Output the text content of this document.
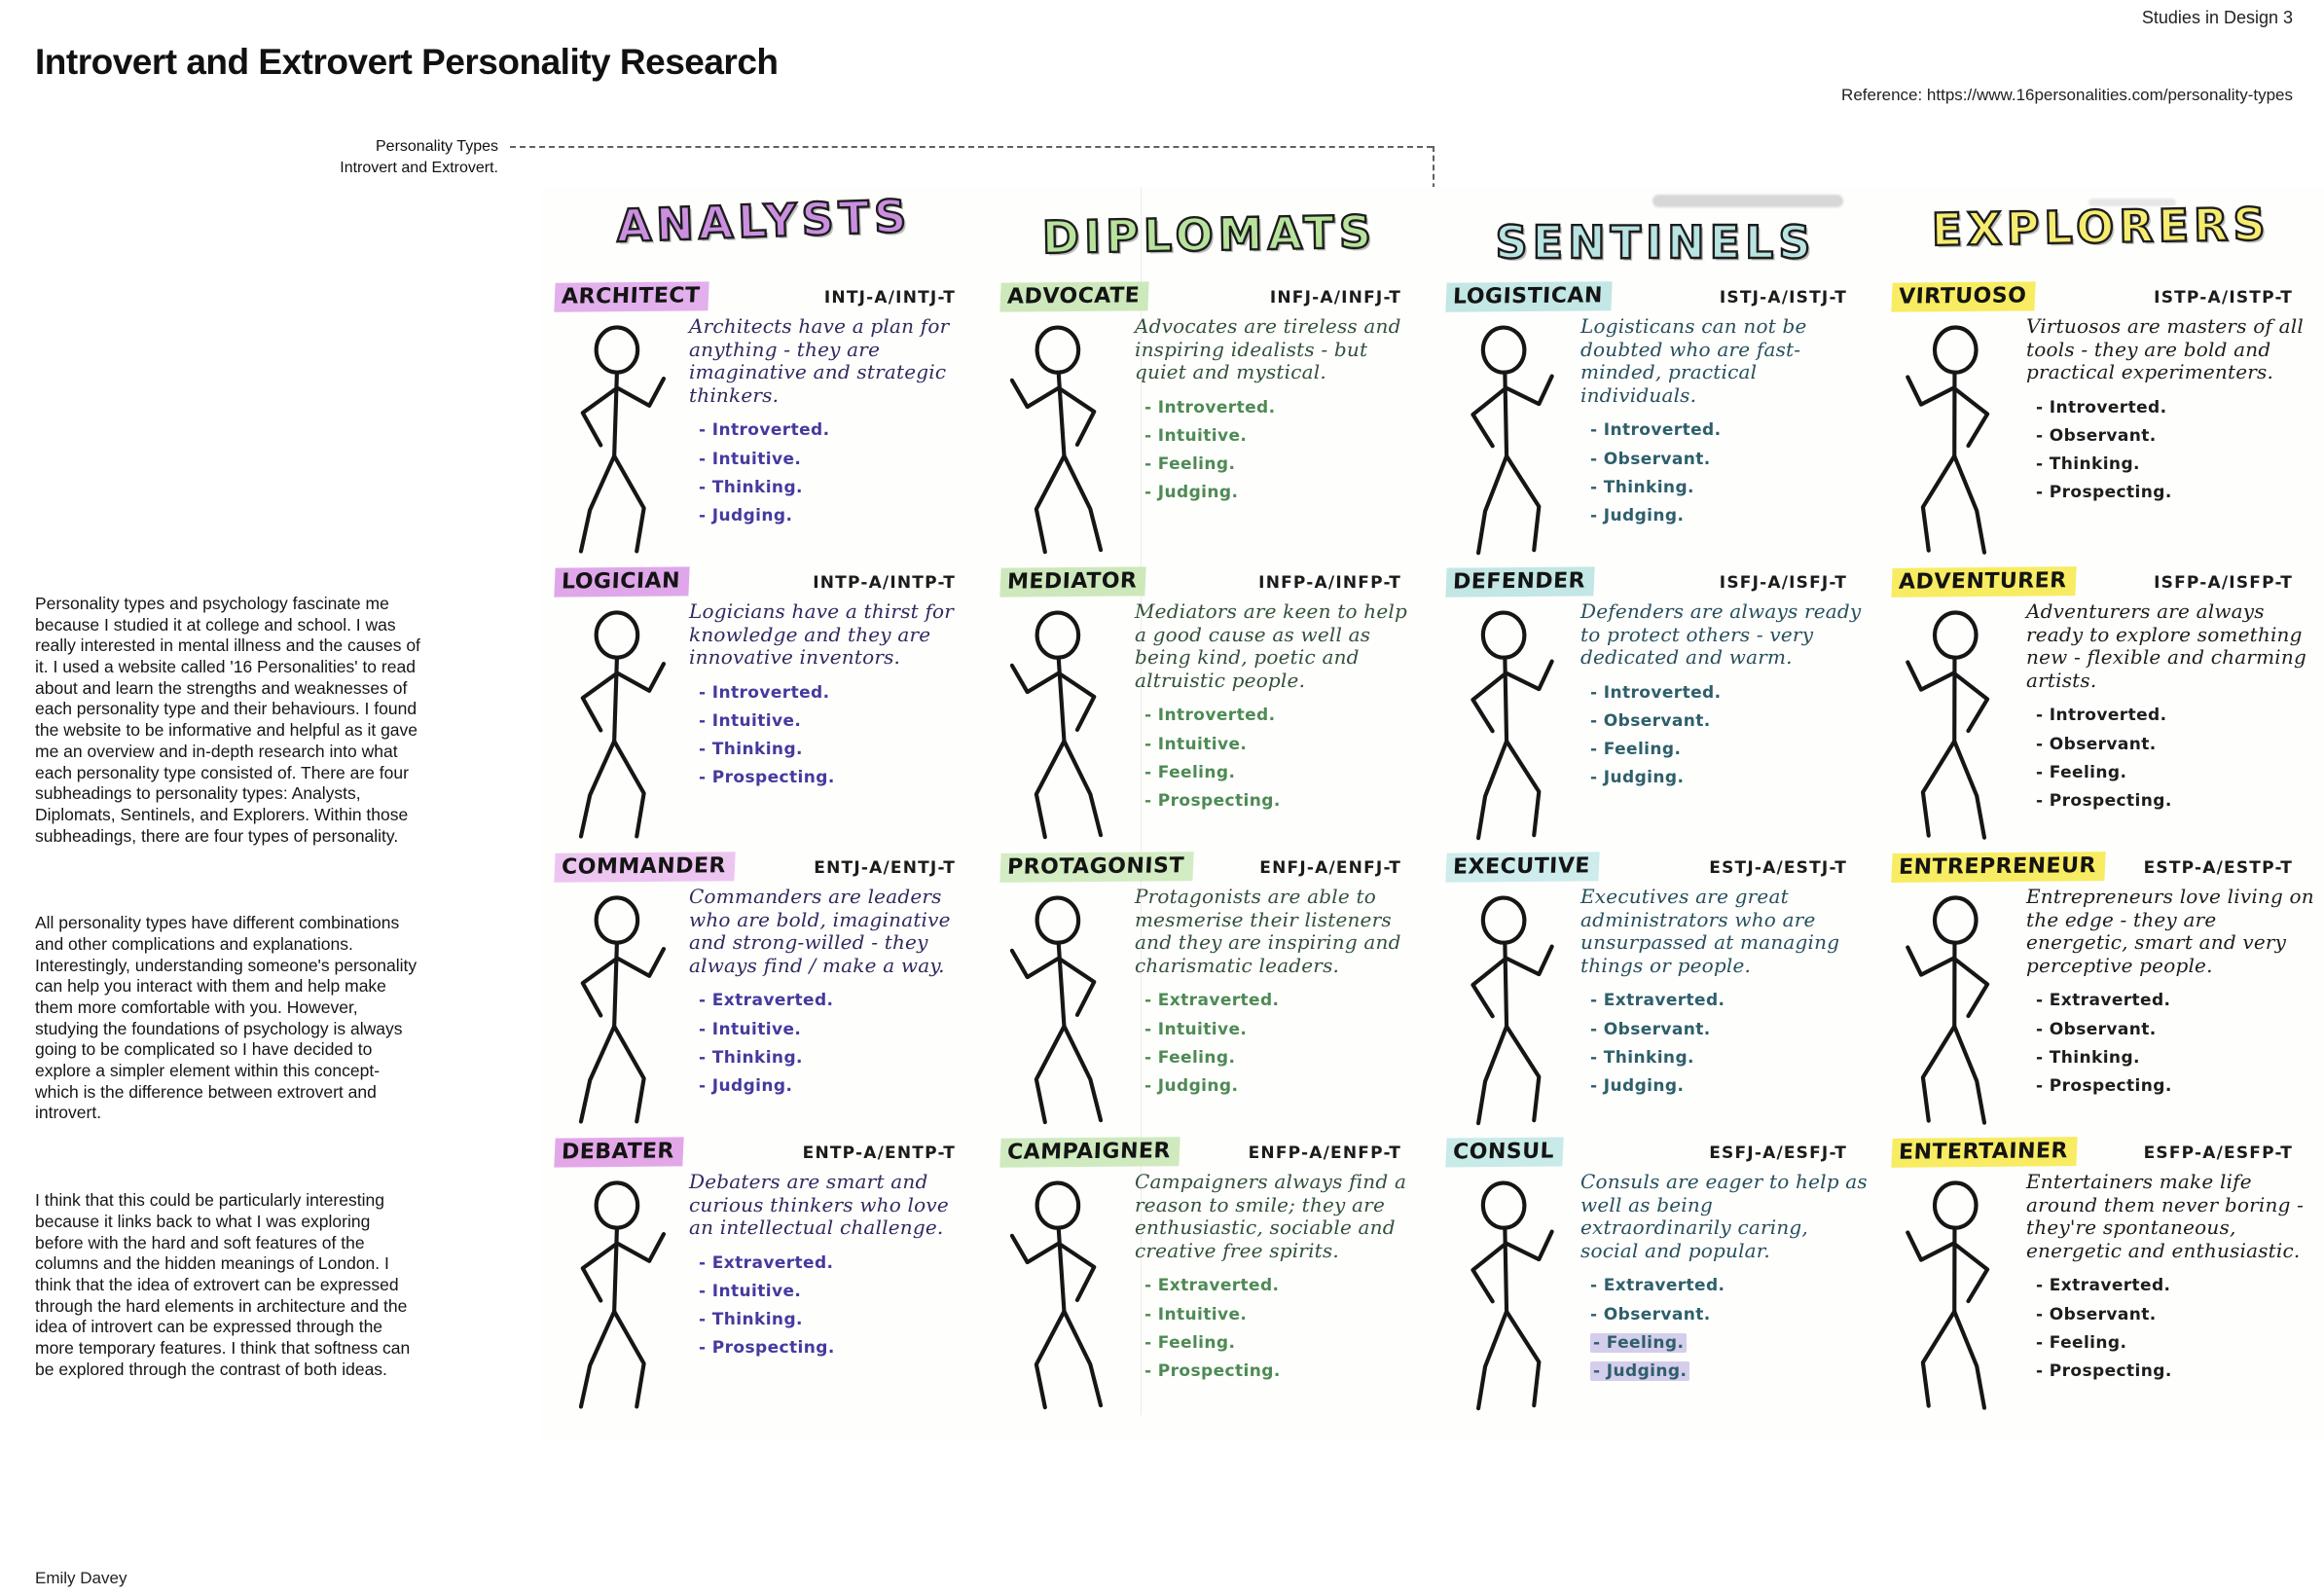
Introvert and Extrovert Personality Research
Studies in Design 3
Reference: https://www.16personalities.com/personality-types
Personality Types
Introvert and Extrovert.

Personality types and psychology fascinate me because I studied it at college and school. I was really interested in mental illness and the causes of it. I used a website called '16 Personalities' to read about and learn the strengths and weaknesses of each personality type and their behaviours. I found the website to be informative and helpful as it gave me an overview and in-depth research into what each personality type consisted of. There are four subheadings to personality types: Analysts, Diplomats, Sentinels, and Explorers. Within those subheadings, there are four types of personality.

All personality types have different combinations and other complications and explanations. Interestingly, understanding someone's personality can help you interact with them and help make them more comfortable with you. However, studying the foundations of psychology is always going to be complicated so I have decided to explore a simpler element within this concept- which is the difference between extrovert and introvert.

I think that this could be particularly interesting because it links back to what I was exploring before with the hard and soft features of the columns and the hidden meanings of London. I think that the idea of extrovert can be expressed through the hard elements in architecture and the idea of introvert can be expressed through the more temporary features. I think that softness can be explored through the contrast of both ideas.

ANALYSTS	DIPLOMATS	SENTINELS	EXPLORERS
ARCHITECT	INTJ-A/INTJ-T

Architects have a plan for anything - they are imaginative and strategic thinkers.

- Introverted.
- Intuitive.
- Thinking.
- Judging.
ADVOCATE	INFJ-A/INFJ-T

Advocates are tireless and inspiring idealists - but quiet and mystical.

- Introverted.
- Intuitive.
- Feeling.
- Judging.
LOGISTICAN	ISTJ-A/ISTJ-T

Logisticans can not be doubted who are fast-minded, practical individuals.

- Introverted.
- Observant.
- Thinking.
- Judging.
VIRTUOSO	ISTP-A/ISTP-T

Virtuosos are masters of all tools - they are bold and practical experimenters.

- Introverted.
- Observant.
- Thinking.
- Prospecting.
LOGICIAN	INTP-A/INTP-T

Logicians have a thirst for knowledge and they are innovative inventors.

- Introverted.
- Intuitive.
- Thinking.
- Prospecting.
MEDIATOR	INFP-A/INFP-T

Mediators are keen to help a good cause as well as being kind, poetic and altruistic people.

- Introverted.
- Intuitive.
- Feeling.
- Prospecting.
DEFENDER	ISFJ-A/ISFJ-T

Defenders are always ready to protect others - very dedicated and warm.

- Introverted.
- Observant.
- Feeling.
- Judging.
ADVENTURER	ISFP-A/ISFP-T

Adventurers are always ready to explore something new - flexible and charming artists.

- Introverted.
- Observant.
- Feeling.
- Prospecting.
COMMANDER	ENTJ-A/ENTJ-T

Commanders are leaders who are bold, imaginative and strong-willed - they always find / make a way.

- Extraverted.
- Intuitive.
- Thinking.
- Judging.
PROTAGONIST	ENFJ-A/ENFJ-T

Protagonists are able to mesmerise their listeners and they are inspiring and charismatic leaders.

- Extraverted.
- Intuitive.
- Feeling.
- Judging.
EXECUTIVE	ESTJ-A/ESTJ-T

Executives are great administrators who are unsurpassed at managing things or people.

- Extraverted.
- Observant.
- Thinking.
- Judging.
ENTREPRENEUR	ESTP-A/ESTP-T

Entrepreneurs love living on the edge - they are energetic, smart and very perceptive people.

- Extraverted.
- Observant.
- Thinking.
- Prospecting.
DEBATER	ENTP-A/ENTP-T

Debaters are smart and curious thinkers who love an intellectual challenge.

- Extraverted.
- Intuitive.
- Thinking.
- Prospecting.
CAMPAIGNER	ENFP-A/ENFP-T

Campaigners always find a reason to smile; they are enthusiastic, sociable and creative free spirits.

- Extraverted.
- Intuitive.
- Feeling.
- Prospecting.
CONSUL	ESFJ-A/ESFJ-T

Consuls are eager to help as well as being extraordinarily caring, social and popular.

- Extraverted.
- Observant.
- Feeling.
- Judging.
ENTERTAINER	ESFP-A/ESFP-T

Entertainers make life around them never boring - they're spontaneous, energetic and enthusiastic.

- Extraverted.
- Observant.
- Feeling.
- Prospecting.
Emily Davey
